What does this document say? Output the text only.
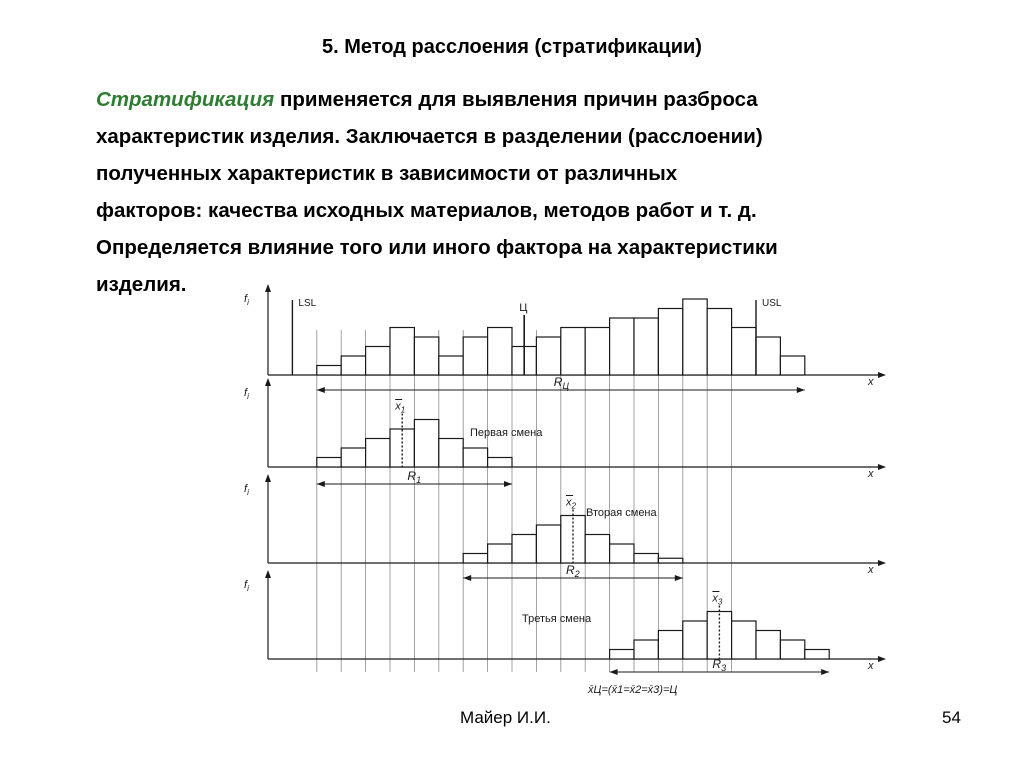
5. Метод расслоения (стратификации)
Стратификация применяется для выявления причин разброса
характеристик изделия. Заключается в разделении (расслоении)
полученных характеристик в зависимости от различных
факторов: качества исходных материалов, методов работ и т. д.
Определяется влияние того или иного фактора на характеристики
изделия.
$f_i$
x
$R_Ц$
LSL	USL
Ц
$f_i$
x
$R_1$
$x_1$
Первая смена
$f_i$
x
$R_2$
$x_2$
Вторая смена
$f_i$
x
$R_3$
$x_3$
Третья смена
x̄Ц=(x̄1=x̄2=x̄3)=Ц
Майер И.И.	54
